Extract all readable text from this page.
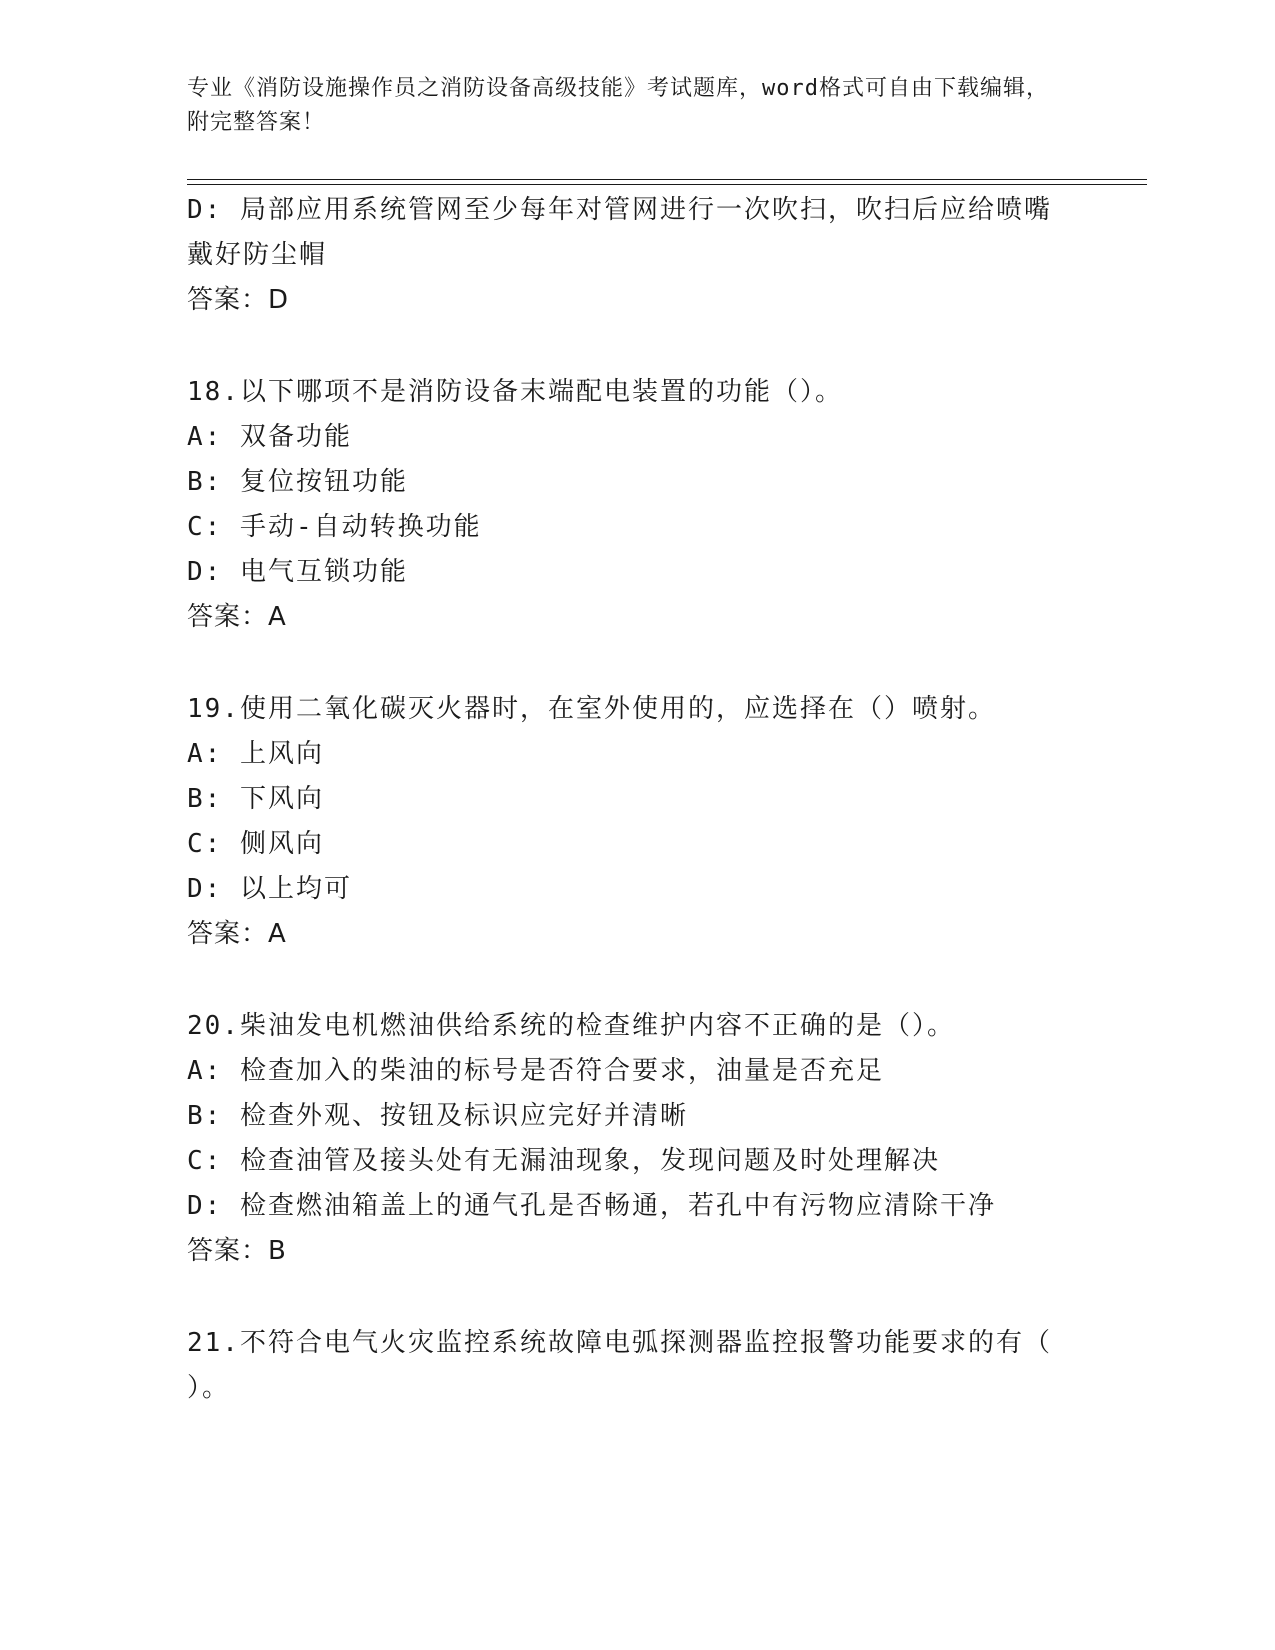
专业《消防设施操作员之消防设备高级技能》考试题库，word格式可自由下载编辑，附完整答案！
D: 局部应用系统管网至少每年对管网进行一次吹扫，吹扫后应给喷嘴
戴好防尘帽
答案：D
18.以下哪项不是消防设备末端配电装置的功能（）。
A: 双备功能
B: 复位按钮功能
C: 手动-自动转换功能
D: 电气互锁功能
答案：A
19.使用二氧化碳灭火器时，在室外使用的，应选择在（）喷射。
A: 上风向
B: 下风向
C: 侧风向
D: 以上均可
答案：A
20.柴油发电机燃油供给系统的检查维护内容不正确的是（）。
A: 检查加入的柴油的标号是否符合要求，油量是否充足
B: 检查外观、按钮及标识应完好并清晰
C: 检查油管及接头处有无漏油现象，发现问题及时处理解决
D: 检查燃油箱盖上的通气孔是否畅通，若孔中有污物应清除干净
答案：B
21.不符合电气火灾监控系统故障电弧探测器监控报警功能要求的有（
）。
